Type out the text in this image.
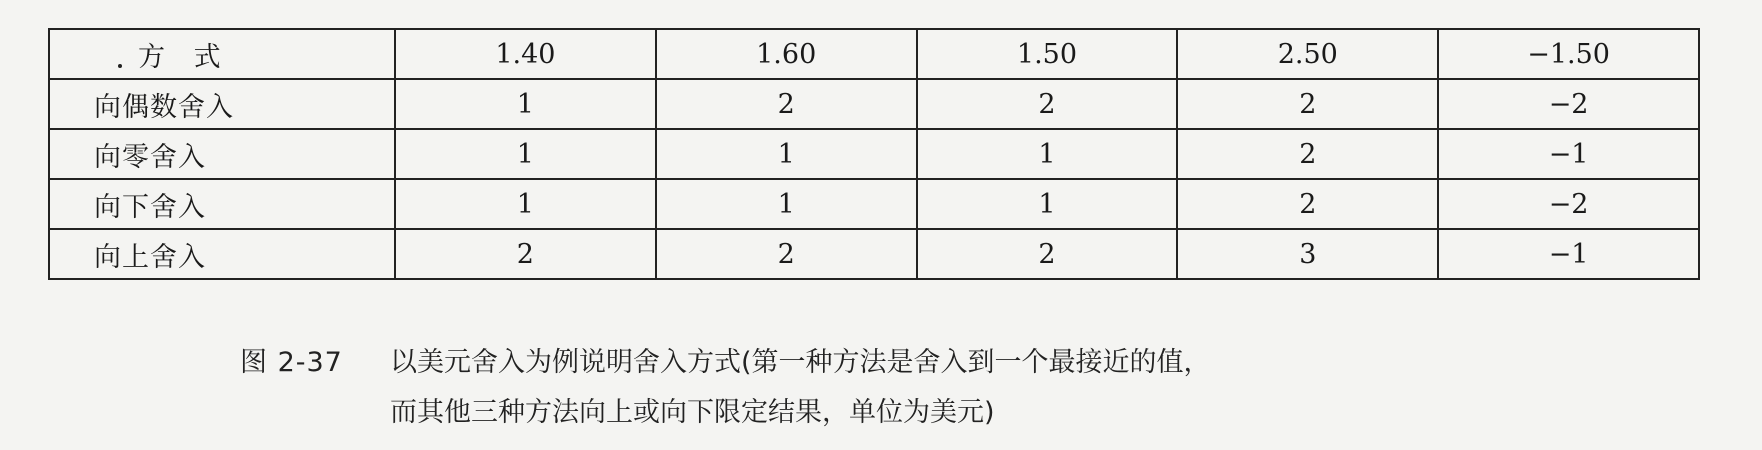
方 式	1.40	1.60	1.50	2.50	−1.50
向偶数舍入	1	2	2	2	−2
向零舍入	1	1	1	2	−1
向下舍入	1	1	1	2	−2
向上舍入	2	2	2	3	−1
图 2-37 以美元舍入为例说明舍入方式(第一种方法是舍入到一个最接近的值，
而其他三种方法向上或向下限定结果，单位为美元)
